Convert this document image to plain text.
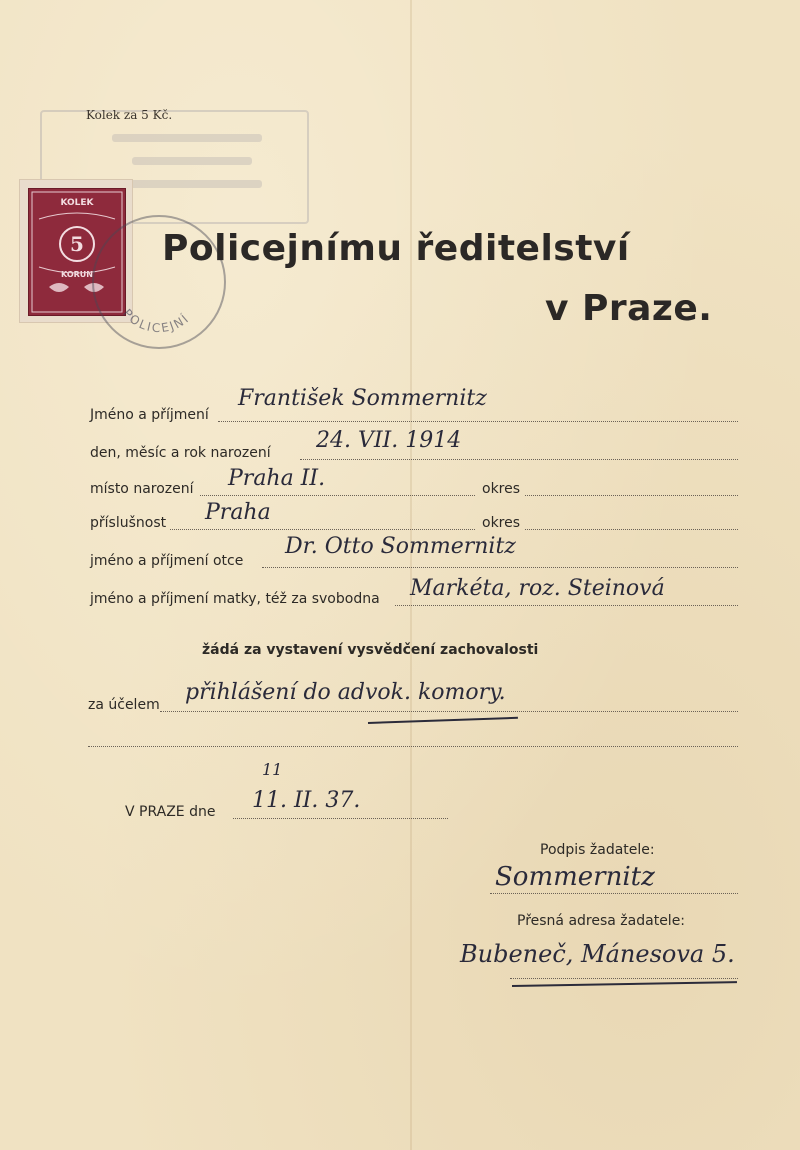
Kolek za 5 Kč.
KOLEK
5
KORUN
POLICEJNÍ
Policejnímu ředitelství
v Praze.
Jméno a příjmení
František Sommernitz
den, měsíc a rok narození 24. VII. 1914
místo narození Praha II.	okres
příslušnost Praha	okres
jméno a příjmení otce
Dr. Otto Sommernitz
jméno a příjmení matky, též za svobodna Markéta, roz. Steinová
žádá za vystavení vysvědčení zachovalosti
za účelem přihlášení do advok. komory.
V PRAZE dne
11
11. II. 37.
Podpis žadatele:
Sommernitz
Přesná adresa žadatele:
Bubeneč, Mánesova 5.
